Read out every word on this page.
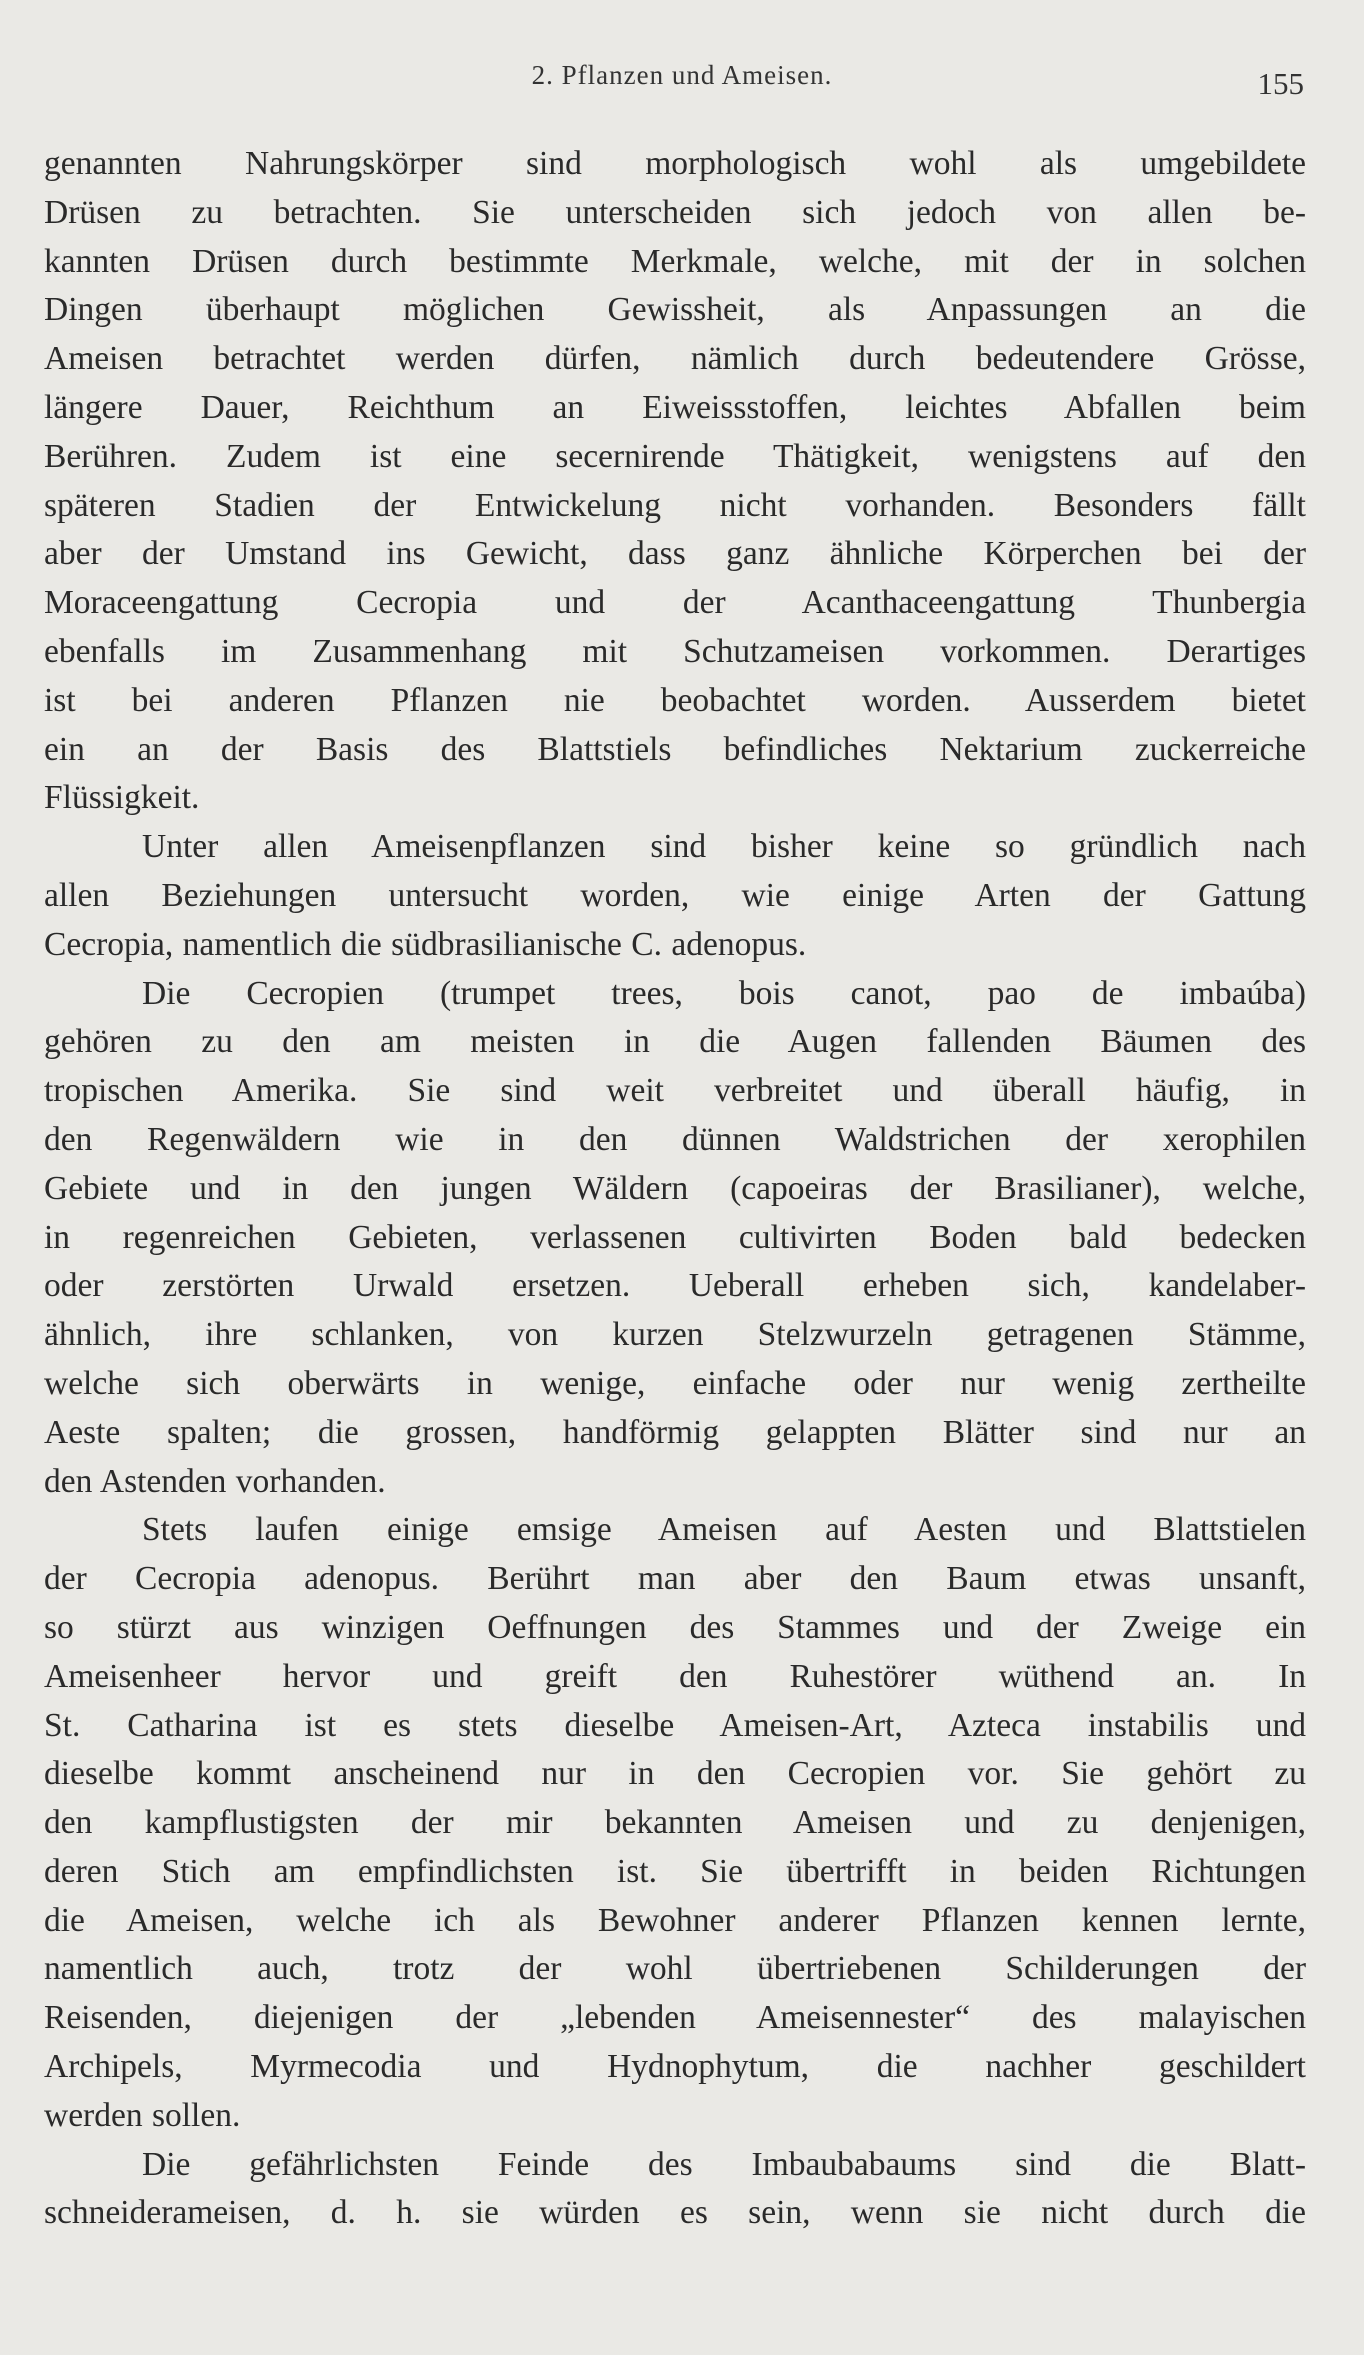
2. Pflanzen und Ameisen.	155

genannten Nahrungskörper sind morphologisch wohl als umgebildete

Drüsen zu betrachten. Sie unterscheiden sich jedoch von allen be-

kannten Drüsen durch bestimmte Merkmale, welche, mit der in solchen

Dingen überhaupt möglichen Gewissheit, als Anpassungen an die

Ameisen betrachtet werden dürfen, nämlich durch bedeutendere Grösse,

längere Dauer, Reichthum an Eiweissstoffen, leichtes Abfallen beim

Berühren. Zudem ist eine secernirende Thätigkeit, wenigstens auf den

späteren Stadien der Entwickelung nicht vorhanden. Besonders fällt

aber der Umstand ins Gewicht, dass ganz ähnliche Körperchen bei der

Moraceengattung Cecropia und der Acanthaceengattung Thunbergia

ebenfalls im Zusammenhang mit Schutzameisen vorkommen. Derartiges

ist bei anderen Pflanzen nie beobachtet worden. Ausserdem bietet

ein an der Basis des Blattstiels befindliches Nektarium zuckerreiche

Flüssigkeit.

Unter allen Ameisenpflanzen sind bisher keine so gründlich nach

allen Beziehungen untersucht worden, wie einige Arten der Gattung

Cecropia, namentlich die südbrasilianische C. adenopus.

Die Cecropien (trumpet trees, bois canot, pao de imbaúba)

gehören zu den am meisten in die Augen fallenden Bäumen des

tropischen Amerika. Sie sind weit verbreitet und überall häufig, in

den Regenwäldern wie in den dünnen Waldstrichen der xerophilen

Gebiete und in den jungen Wäldern (capoeiras der Brasilianer), welche,

in regenreichen Gebieten, verlassenen cultivirten Boden bald bedecken

oder zerstörten Urwald ersetzen. Ueberall erheben sich, kandelaber-

ähnlich, ihre schlanken, von kurzen Stelzwurzeln getragenen Stämme,

welche sich oberwärts in wenige, einfache oder nur wenig zertheilte

Aeste spalten; die grossen, handförmig gelappten Blätter sind nur an

den Astenden vorhanden.

Stets laufen einige emsige Ameisen auf Aesten und Blattstielen

der Cecropia adenopus. Berührt man aber den Baum etwas unsanft,

so stürzt aus winzigen Oeffnungen des Stammes und der Zweige ein

Ameisenheer hervor und greift den Ruhestörer wüthend an. In

St. Catharina ist es stets dieselbe Ameisen-Art, Azteca instabilis und

dieselbe kommt anscheinend nur in den Cecropien vor. Sie gehört zu

den kampflustigsten der mir bekannten Ameisen und zu denjenigen,

deren Stich am empfindlichsten ist. Sie übertrifft in beiden Richtungen

die Ameisen, welche ich als Bewohner anderer Pflanzen kennen lernte,

namentlich auch, trotz der wohl übertriebenen Schilderungen der

Reisenden, diejenigen der „lebenden Ameisennester“ des malayischen

Archipels, Myrmecodia und Hydnophytum, die nachher geschildert

werden sollen.

Die gefährlichsten Feinde des Imbaubabaums sind die Blatt-

schneiderameisen, d. h. sie würden es sein, wenn sie nicht durch die
